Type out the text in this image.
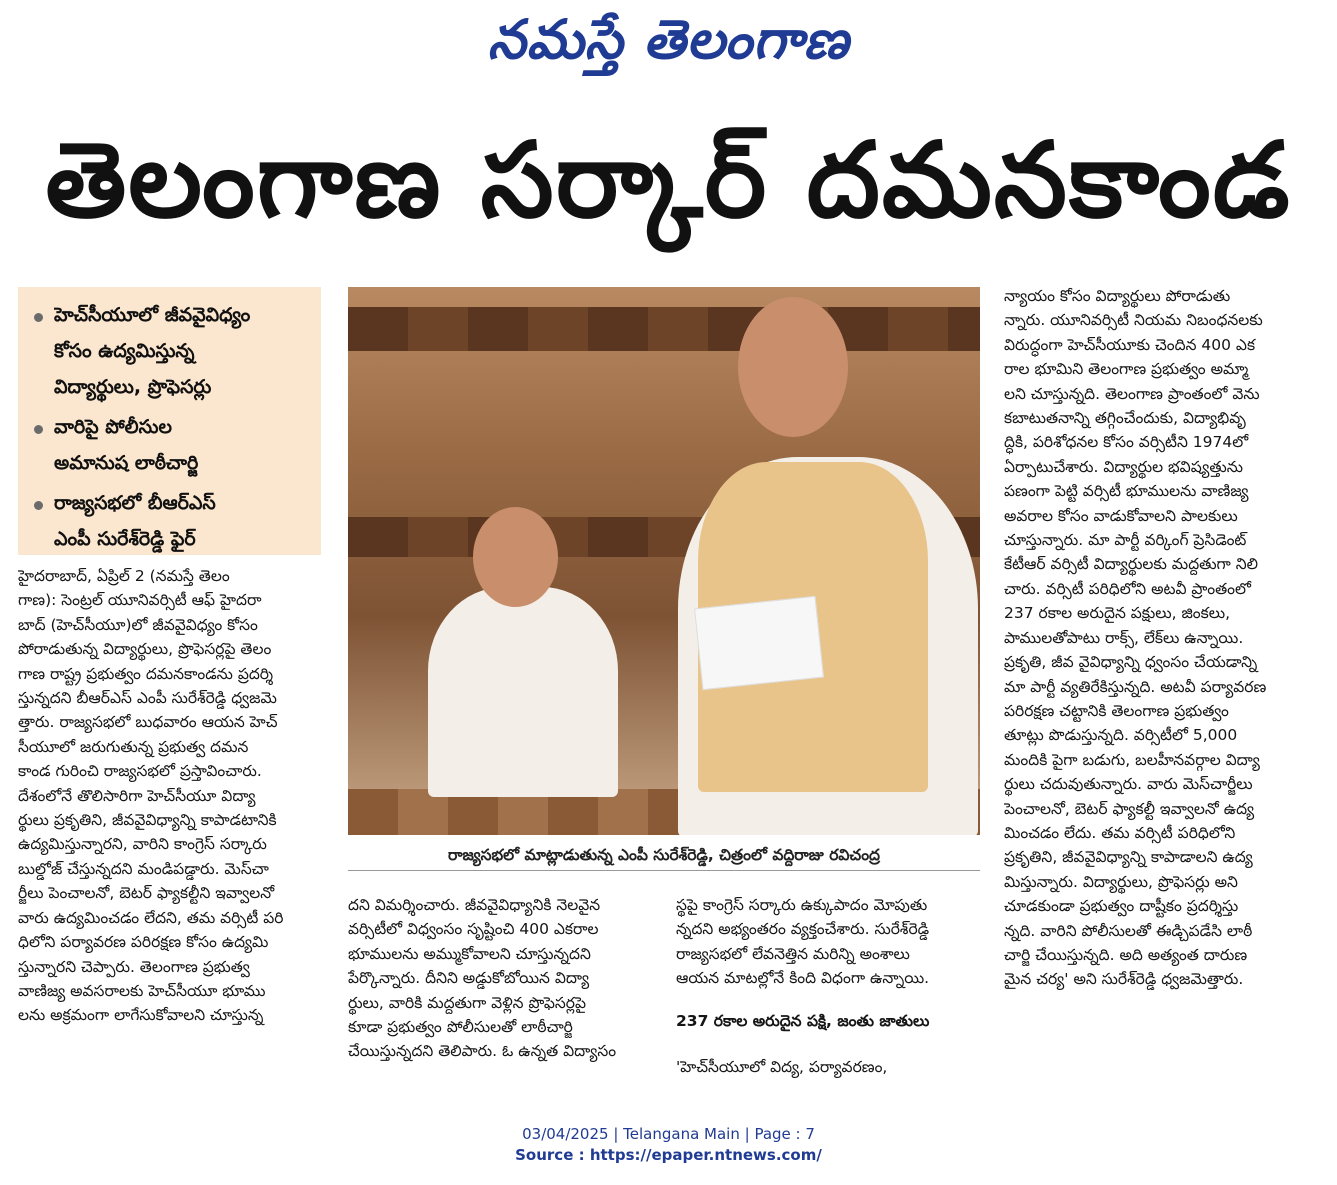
నమస్తే తెలంగాణ
తెలంగాణ సర్కార్ దమనకాండ
హెచ్‌సీయూలో జీవవైవిధ్యం
కోసం ఉద్యమిస్తున్న
విద్యార్థులు, ప్రొఫెసర్లు
వారిపై పోలీసుల
అమానుష లాఠీచార్జి
రాజ్యసభలో బీఆర్‌ఎస్
ఎంపీ సురేశ్‌రెడ్డి ఫైర్
హైదరాబాద్, ఏప్రిల్ 2 (నమస్తే తెలం
గాణ): సెంట్రల్ యూనివర్సిటీ ఆఫ్ హైదరా
బాద్ (హెచ్‌సీయూ)లో జీవవైవిధ్యం కోసం
పోరాడుతున్న విద్యార్థులు, ప్రొఫెసర్లపై తెలం
గాణ రాష్ట్ర ప్రభుత్వం దమనకాండను ప్రదర్శి
స్తున్నదని బీఆర్‌ఎస్ ఎంపీ సురేశ్‌రెడ్డి ధ్వజమె
త్తారు. రాజ్యసభలో బుధవారం ఆయన హెచ్‌
సీయూలో జరుగుతున్న ప్రభుత్వ దమన
కాండ గురించి రాజ్యసభలో ప్రస్తావించారు.
దేశంలోనే తొలిసారిగా హెచ్‌సీయూ విద్యా
ర్థులు ప్రకృతిని, జీవవైవిధ్యాన్ని కాపాడటానికి
ఉద్యమిస్తున్నారని, వారిని కాంగ్రెస్ సర్కారు
బుల్డోజ్ చేస్తున్నదని మండిపడ్డారు. మెస్‌చా
ర్జీలు పెంచాలనో, బెటర్ ఫ్యాకల్టీని ఇవ్వాలనో
వారు ఉద్యమించడం లేదని, తమ వర్సిటీ పరి
ధిలోని పర్యావరణ పరిరక్షణ కోసం ఉద్యమి
స్తున్నారని చెప్పారు. తెలంగాణ ప్రభుత్వ
వాణిజ్య అవసరాలకు హెచ్‌సీయూ భూము
లను అక్రమంగా లాగేసుకోవాలని చూస్తున్న
రాజ్యసభలో మాట్లాడుతున్న ఎంపీ సురేశ్‌రెడ్డి, చిత్రంలో వద్దిరాజు రవిచంద్ర
దని విమర్శించారు. జీవవైవిధ్యానికి నెలవైన
వర్సిటీలో విధ్వంసం సృష్టించి 400 ఎకరాల
భూములను అమ్ముకోవాలని చూస్తున్నదని
పేర్కొన్నారు. దీనిని అడ్డుకోబోయిన విద్యా
ర్థులు, వారికి మద్దతుగా వెళ్లిన ప్రొఫెసర్లపై
కూడా ప్రభుత్వం పోలీసులతో లాఠీచార్జి
చేయిస్తున్నదని తెలిపారు. ఓ ఉన్నత విద్యాసం
స్థపై కాంగ్రెస్ సర్కారు ఉక్కుపాదం మోపుతు
న్నదని అభ్యంతరం వ్యక్తంచేశారు. సురేశ్‌రెడ్డి
రాజ్యసభలో లేవనెత్తిన మరిన్ని అంశాలు
ఆయన మాటల్లోనే కింది విధంగా ఉన్నాయి.
237 రకాల అరుదైన పక్షి, జంతు జాతులు
'హెచ్‌సీయూలో విద్య, పర్యావరణం,
న్యాయం కోసం విద్యార్థులు పోరాడుతు
న్నారు. యూనివర్సిటీ నియమ నిబంధనలకు
విరుద్ధంగా హెచ్‌సీయూకు చెందిన 400 ఎక
రాల భూమిని తెలంగాణ ప్రభుత్వం అమ్మా
లని చూస్తున్నది. తెలంగాణ ప్రాంతంలో వెను
కబాటుతనాన్ని తగ్గించేందుకు, విద్యాభివృ
ద్ధికి, పరిశోధనల కోసం వర్సిటీని 1974లో
ఏర్పాటుచేశారు. విద్యార్థుల భవిష్యత్తును
పణంగా పెట్టి వర్సిటీ భూములను వాణిజ్య
అవరాల కోసం వాడుకోవాలని పాలకులు
చూస్తున్నారు. మా పార్టీ వర్కింగ్ ప్రెసిడెంట్
కేటీఆర్ వర్సిటీ విద్యార్థులకు మద్దతుగా నిలి
చారు. వర్సిటీ పరిధిలోని అటవీ ప్రాంతంలో
237 రకాల అరుదైన పక్షులు, జింకలు,
పాములతోపాటు రాక్స్, లేక్‌లు ఉన్నాయి.
ప్రకృతి, జీవ వైవిధ్యాన్ని ధ్వంసం చేయడాన్ని
మా పార్టీ వ్యతిరేకిస్తున్నది. అటవీ పర్యావరణ
పరిరక్షణ చట్టానికి తెలంగాణ ప్రభుత్వం
తూట్లు పొడుస్తున్నది. వర్సిటీలో 5,000
మందికి పైగా బడుగు, బలహీనవర్గాల విద్యా
ర్థులు చదువుతున్నారు. వారు మెస్‌చార్జీలు
పెంచాలనో, బెటర్ ఫ్యాకల్టీ ఇవ్వాలనో ఉద్య
మించడం లేదు. తమ వర్సిటీ పరిధిలోని
ప్రకృతిని, జీవవైవిధ్యాన్ని కాపాడాలని ఉద్య
మిస్తున్నారు. విద్యార్థులు, ప్రొఫెసర్లు అని
చూడకుండా ప్రభుత్వం దాష్టీకం ప్రదర్శిస్తు
న్నది. వారిని పోలీసులతో ఈడ్చిపడేసి లాఠీ
చార్జి చేయిస్తున్నది. అది అత్యంత దారుణ
మైన చర్య' అని సురేశ్‌రెడ్డి ధ్వజమెత్తారు.
03/04/2025 | Telangana Main | Page : 7
Source : https://epaper.ntnews.com/
